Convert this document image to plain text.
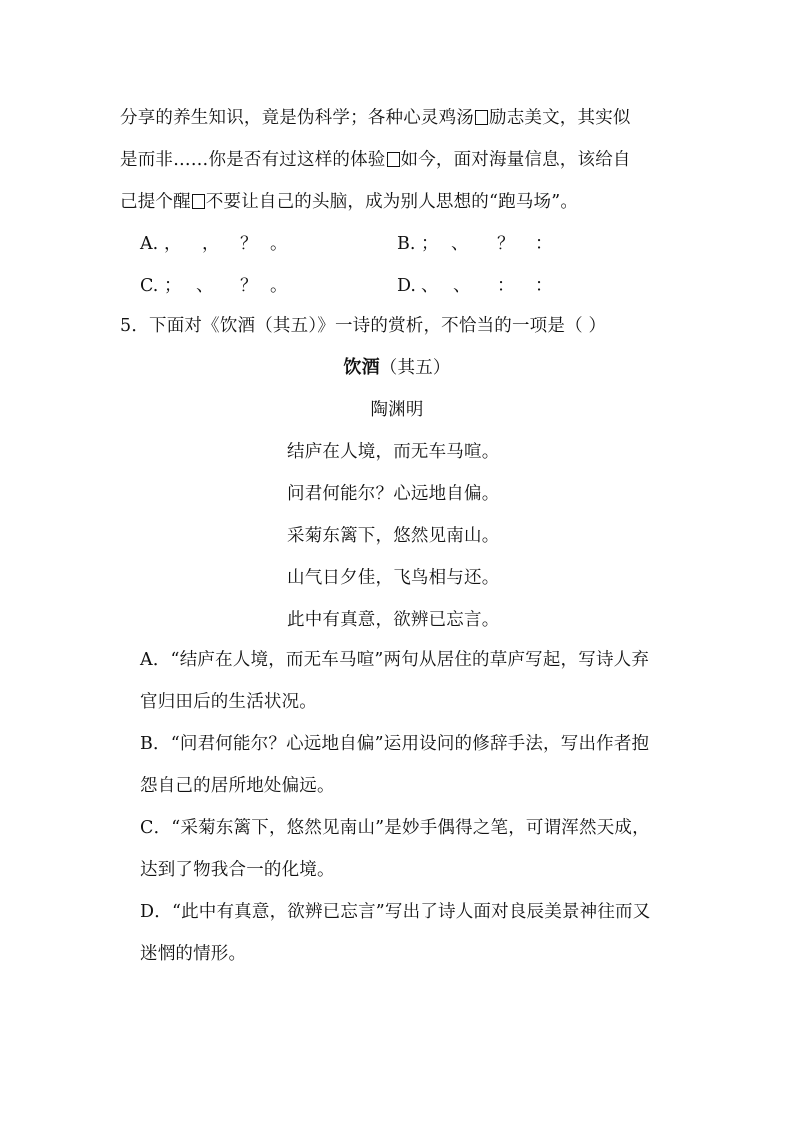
分享的养生知识，竟是伪科学；各种心灵鸡汤 励志美文，其实似
是而非……你是否有过这样的体验 如今，面对海量信息，该给自
己提个醒 不要让自己的头脑，成为别人思想的“跑马场”。
A. ， ， ？ 。	B. ； 、 ？ ：
C. ； 、 ？ 。	D. 、 、 ： ：
5．下面对《饮酒（其五）》一诗的赏析，不恰当的一项是（ ）
饮酒（其五）
陶渊明
结庐在人境，而无车马喧。
问君何能尔？心远地自偏。
采菊东篱下，悠然见南山。
山气日夕佳，飞鸟相与还。
此中有真意，欲辨已忘言。
A．“结庐在人境，而无车马喧”两句从居住的草庐写起，写诗人弃
官归田后的生活状况。
B．“问君何能尔？心远地自偏”运用设问的修辞手法，写出作者抱
怨自己的居所地处偏远。
C．“采菊东篱下，悠然见南山”是妙手偶得之笔，可谓浑然天成，
达到了物我合一的化境。
D．“此中有真意，欲辨已忘言”写出了诗人面对良辰美景神往而又
迷惘的情形。
